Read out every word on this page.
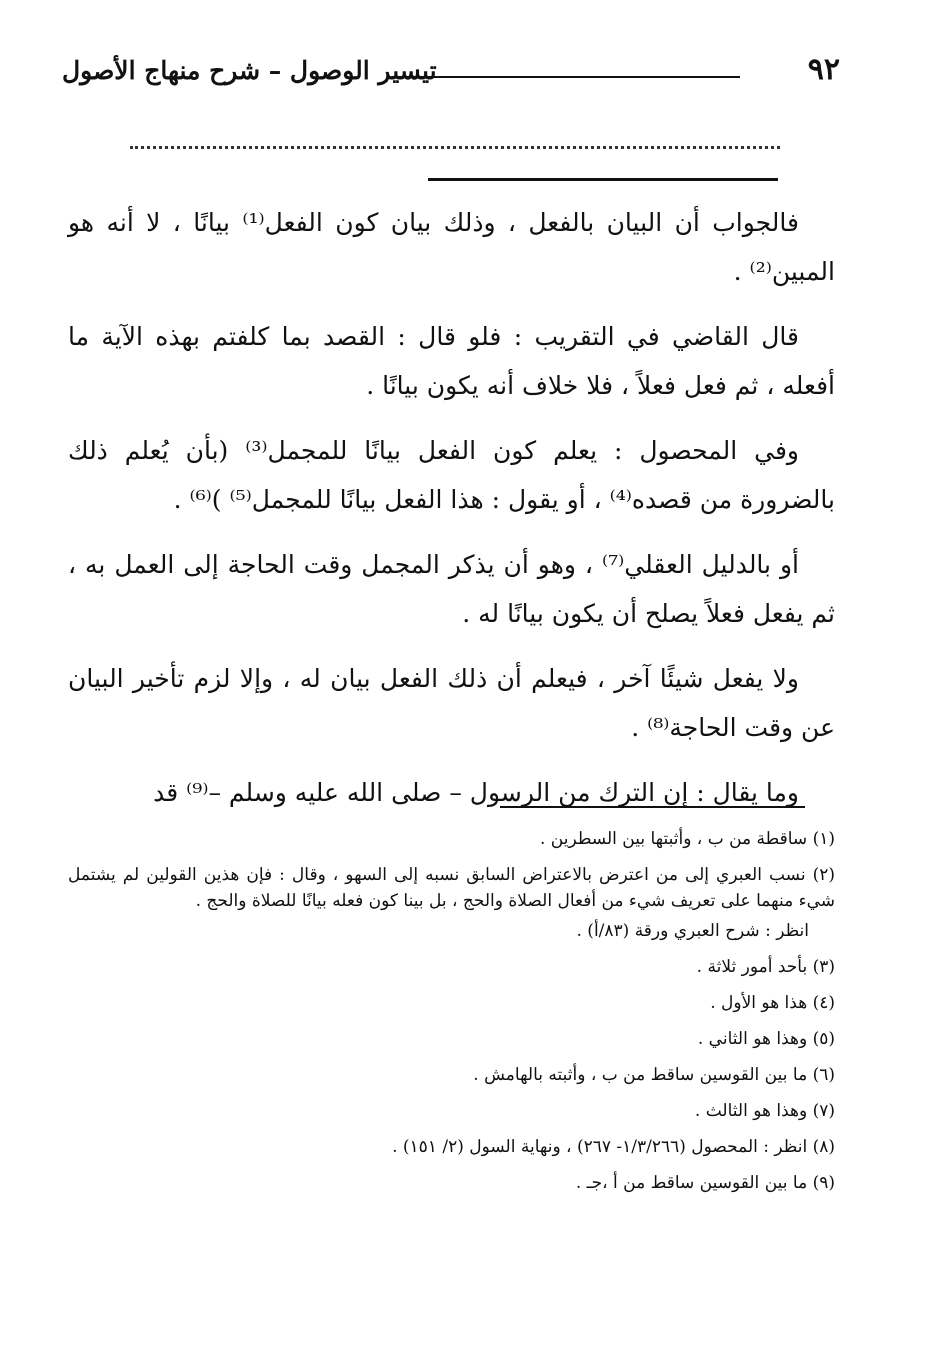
تيسير الوصول – شرح منهاج الأصول	٩٢

فالجواب أن البيان بالفعل ، وذلك بيان كون الفعل⁽¹⁾ بيانًا ، لا أنه هو المبين⁽²⁾ .

قال القاضي في التقريب : فلو قال : القصد بما كلفتم بهذه الآية ما أفعله ، ثم فعل فعلاً ، فلا خلاف أنه يكون بيانًا .

وفي المحصول : يعلم كون الفعل بيانًا للمجمل⁽³⁾ (بأن يُعلم ذلك بالضرورة من قصده⁽⁴⁾ ، أو يقول : هذا الفعل بيانًا للمجمل⁽⁵⁾ )⁽⁶⁾ .

أو بالدليل العقلي⁽⁷⁾ ، وهو أن يذكر المجمل وقت الحاجة إلى العمل به ، ثم يفعل فعلاً يصلح أن يكون بيانًا له .

ولا يفعل شيئًا آخر ، فيعلم أن ذلك الفعل بيان له ، وإلا لزم تأخير البيان عن وقت الحاجة⁽⁸⁾ .

وما يقال : إن الترك من الرسول – صلى الله عليه وسلم –⁽⁹⁾ قد

(١) ساقطة من ب ، وأثبتها بين السطرين .

(٢) نسب العبري إلى من اعترض بالاعتراض السابق نسبه إلى السهو ، وقال : فإن هذين القولين لم يشتمل شيء منهما على تعريف شيء من أفعال الصلاة والحج ، بل بينا كون فعله بيانًا للصلاة والحج .

انظر : شرح العبري ورقة (٨٣/أ) .

(٣) بأحد أمور ثلاثة .

(٤) هذا هو الأول .

(٥) وهذا هو الثاني .

(٦) ما بين القوسين ساقط من ب ، وأثبته بالهامش .

(٧) وهذا هو الثالث .

(٨) انظر : المحصول (١/٣/٢٦٦- ٢٦٧) ، ونهاية السول (٢/ ١٥١) .

(٩) ما بين القوسين ساقط من أ ،جـ .
